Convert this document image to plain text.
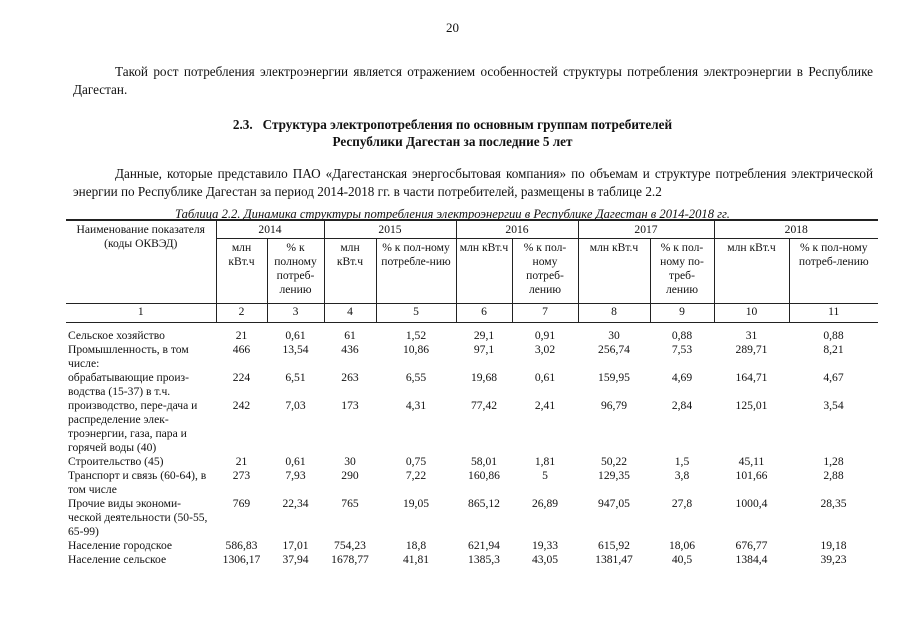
20

Такой рост потребления электроэнергии является отражением особенностей структуры потребления электроэнергии в Республике Дагестан.

2.3. Структура электропотребления по основным группам потребителей
Республики Дагестан за последние 5 лет

Данные, которые представило ПАО «Дагестанская энергосбытовая компания» по объемам и структуре потребления электрической энергии по Республике Дагестан за период 2014-2018 гг. в части потребителей, размещены в таблице 2.2

Таблица 2.2. Динамика структуры потребления электроэнергии в Республике Дагестан в 2014-2018 гг.
Наименование показателя (коды ОКВЭД)	2014		2015		2016		2017		2018	
	млн кВт.ч	% к полному потреб-лению	млн кВт.ч	% к пол-ному потребле-нию	млн кВт.ч	% к пол-ному потреб-лению	млн кВт.ч	% к пол-ному по-треб-лению	млн кВт.ч	% к пол-ному потреб-лению
1	2	3	4	5	6	7	8	9	10	11
Сельское хозяйство	21	0,61	61	1,52	29,1	0,91	30	0,88	31	0,88
Промышленность, в том числе:	466	13,54	436	10,86	97,1	3,02	256,74	7,53	289,71	8,21
обрабатывающие произ-водства (15-37) в т.ч.	224	6,51	263	6,55	19,68	0,61	159,95	4,69	164,71	4,67
производство, пере-дача и распределение элек-троэнергии, газа, пара и горячей воды (40)	242	7,03	173	4,31	77,42	2,41	96,79	2,84	125,01	3,54
Строительство (45)	21	0,61	30	0,75	58,01	1,81	50,22	1,5	45,11	1,28
Транспорт и связь (60-64), в том числе	273	7,93	290	7,22	160,86	5	129,35	3,8	101,66	2,88
Прочие виды экономи-ческой деятельности (50-55, 65-99)	769	22,34	765	19,05	865,12	26,89	947,05	27,8	1000,4	28,35
Население городское	586,83	17,01	754,23	18,8	621,94	19,33	615,92	18,06	676,77	19,18
Население сельское	1306,17	37,94	1678,77	41,81	1385,3	43,05	1381,47	40,5	1384,4	39,23
